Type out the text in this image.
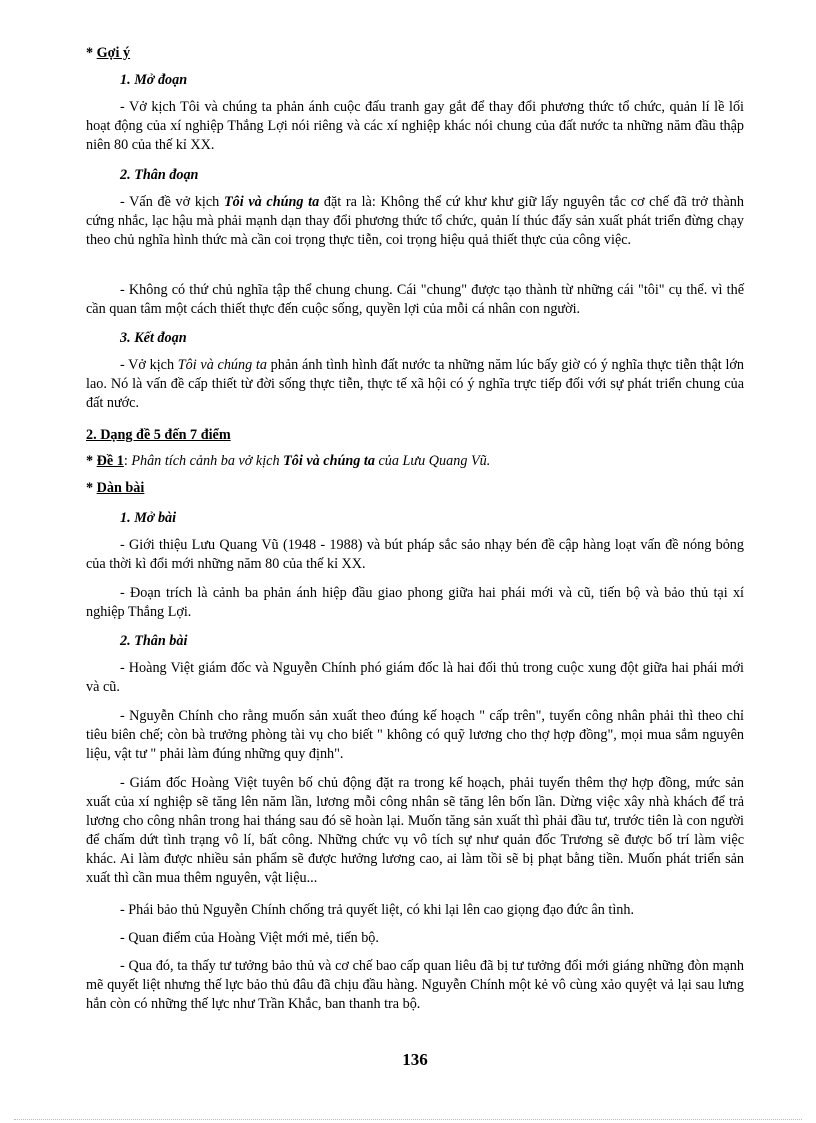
* Gợi ý

1. Mở đoạn

- Vở kịch Tôi và chúng ta phản ánh cuộc đấu tranh gay gắt để thay đổi phương thức tổ chức, quản lí lề lối hoạt động của xí nghiệp Thắng Lợi nói riêng và các xí nghiệp khác nói chung của đất nước ta những năm đầu thập niên 80 của thế kỉ XX.

2. Thân đoạn

- Vấn đề vở kịch Tôi và chúng ta đặt ra là: Không thể cứ khư khư giữ lấy nguyên tắc cơ chế đã trở thành cứng nhắc, lạc hậu mà phải mạnh dạn thay đổi phương thức tổ chức, quản lí thúc đẩy sản xuất phát triển đừng chạy theo chủ nghĩa hình thức mà cần coi trọng thực tiễn, coi trọng hiệu quả thiết thực của công việc.

- Không có thứ chủ nghĩa tập thể chung chung. Cái "chung" được tạo thành từ những cái "tôi" cụ thể. vì thế cần quan tâm một cách thiết thực đến cuộc sống, quyền lợi của mỗi cá nhân con người.

3. Kết đoạn

- Vở kịch Tôi và chúng ta phản ánh tình hình đất nước ta những năm lúc bấy giờ có ý nghĩa thực tiễn thật lớn lao. Nó là vấn đề cấp thiết từ đời sống thực tiễn, thực tế xã hội có ý nghĩa trực tiếp đối với sự phát triển chung của đất nước.

2. Dạng đề 5 đến 7 điểm

* Đề 1: Phân tích cảnh ba vở kịch Tôi và chúng ta của Lưu Quang Vũ.

* Dàn bài

1. Mở bài

- Giới thiệu Lưu Quang Vũ (1948 - 1988) và bút pháp sắc sảo nhạy bén đề cập hàng loạt vấn đề nóng bỏng của thời kì đổi mới những năm 80 của thế kỉ XX.

- Đoạn trích là cảnh ba phản ánh hiệp đầu giao phong giữa hai phái mới và cũ, tiến bộ và bảo thủ tại xí nghiệp Thắng Lợi.

2. Thân bài

- Hoàng Việt giám đốc và Nguyễn Chính phó giám đốc là hai đối thủ trong cuộc xung đột giữa hai phái mới và cũ.

- Nguyễn Chính cho rằng muốn sản xuất theo đúng kế hoạch " cấp trên", tuyển công nhân phải thì theo chỉ tiêu biên chế; còn bà trưởng phòng tài vụ cho biết " không có quỹ lương cho thợ hợp đồng", mọi mua sắm nguyên liệu, vật tư " phải làm đúng những quy định".

- Giám đốc Hoàng Việt tuyên bố chủ động đặt ra trong kế hoạch, phải tuyển thêm thợ hợp đồng, mức sản xuất của xí nghiệp sẽ tăng lên năm lần, lương mỗi công nhân sẽ tăng lên bốn lần. Dừng việc xây nhà khách để trả lương cho công nhân trong hai tháng sau đó sẽ hoàn lại. Muốn tăng sản xuất thì phải đầu tư, trước tiên là con người để chấm dứt tình trạng vô lí, bất công. Những chức vụ vô tích sự như quản đốc Trương sẽ được bố trí làm việc khác. Ai làm được nhiều sản phẩm sẽ được hưởng lương cao, ai làm tồi sẽ bị phạt bằng tiền. Muốn phát triển sản xuất thì cần mua thêm nguyên, vật liệu...

- Phái bảo thủ Nguyễn Chính chống trả quyết liệt, có khi lại lên cao giọng đạo đức ân tình.

- Quan điểm của Hoàng Việt mới mẻ, tiến bộ.

- Qua đó, ta thấy tư tưởng bảo thủ và cơ chế bao cấp quan liêu đã bị tư tưởng đổi mới giáng những đòn mạnh mẽ quyết liệt nhưng thế lực bảo thủ đâu đã chịu đầu hàng. Nguyễn Chính một kẻ vô cùng xảo quyệt vả lại sau lưng hắn còn có những thế lực như Trần Khắc, ban thanh tra bộ.

136
